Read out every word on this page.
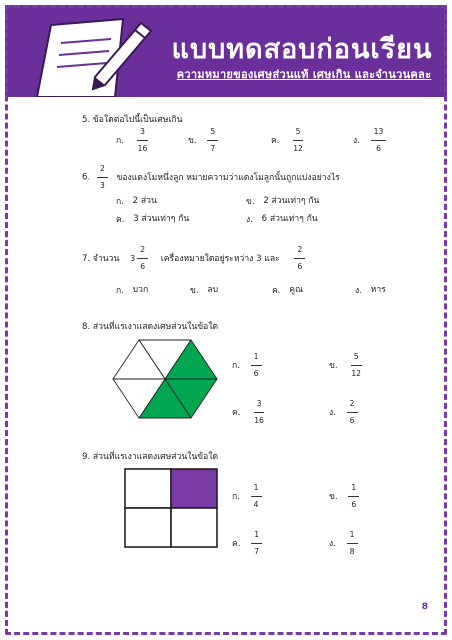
แบบทดสอบก่อนเรียน
ความหมายของเศษส่วนแท้ เศษเกิน และจำนวนคละ
5. ข้อใดต่อไปนี้เป็นเศษเกิน
ก. $\frac{3}{16}$	ข. $\frac{5}{7}$	ค. $\frac{5}{12}$	ง. $\frac{13}{6}$
6. $\frac{2}{3}$ ของแตงโมหนึ่งลูก หมายความว่าแตงโมลูกนั้นถูกแบ่งอย่างไร
ก. 2 ส่วน	ข. 2 ส่วนเท่าๆ กัน
ค. 3 ส่วนเท่าๆ กัน	ง. 6 ส่วนเท่าๆ กัน
7. จำนวน $3 \frac{2}{6}$ เครื่องหมายใดอยู่ระหว่าง 3 และ $\frac{2}{6}$
ก. บวก	ข. ลบ	ค. คูณ	ง. หาร
8. ส่วนที่แรเงาแสดงเศษส่วนในข้อใด
ก. $\frac{1}{6}$	ข. $\frac{5}{12}$
ค. $\frac{3}{16}$	ง. $\frac{2}{6}$
9. ส่วนที่แรเงาแสดงเศษส่วนในข้อใด
ก. $\frac{1}{4}$	ข. $\frac{1}{6}$
ค. $\frac{1}{7}$	ง. $\frac{1}{8}$
8
